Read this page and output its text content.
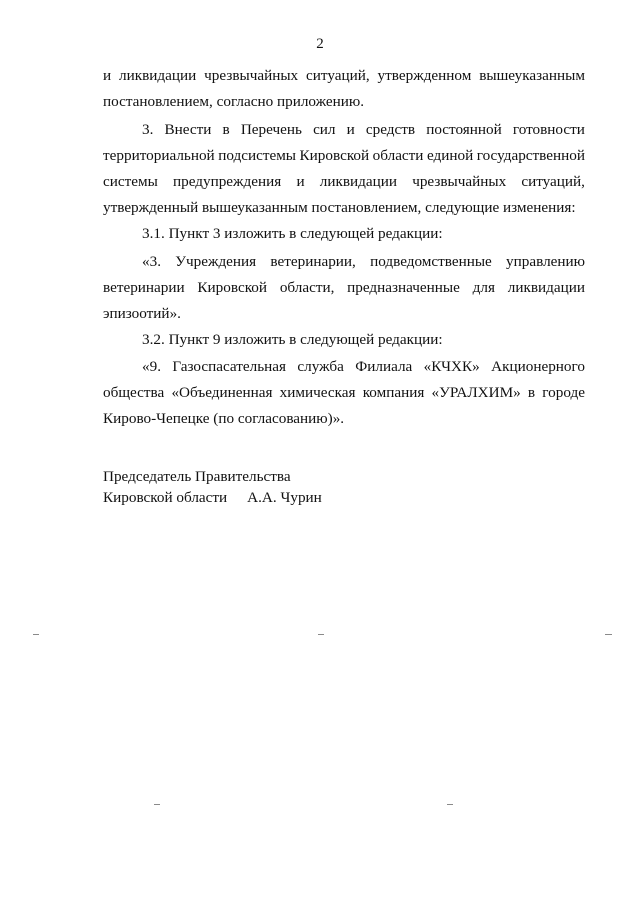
2
и ликвидации чрезвычайных ситуаций, утвержденном вышеуказанным
постановлением, согласно приложению.
3. Внести в Перечень сил и средств постоянной готовности
территориальной подсистемы Кировской области единой государственной
системы предупреждения и ликвидации чрезвычайных ситуаций,
утвержденный вышеуказанным постановлением, следующие изменения:
3.1. Пункт 3 изложить в следующей редакции:
«3. Учреждения ветеринарии, подведомственные управлению
ветеринарии Кировской области, предназначенные для ликвидации
эпизоотий».
3.2. Пункт 9 изложить в следующей редакции:
«9. Газоспасательная служба Филиала «КЧХК» Акционерного
общества «Объединенная химическая компания «УРАЛХИМ» в городе
Кирово-Чепецке (по согласованию)».
Председатель Правительства
Кировской области А.А. Чурин
